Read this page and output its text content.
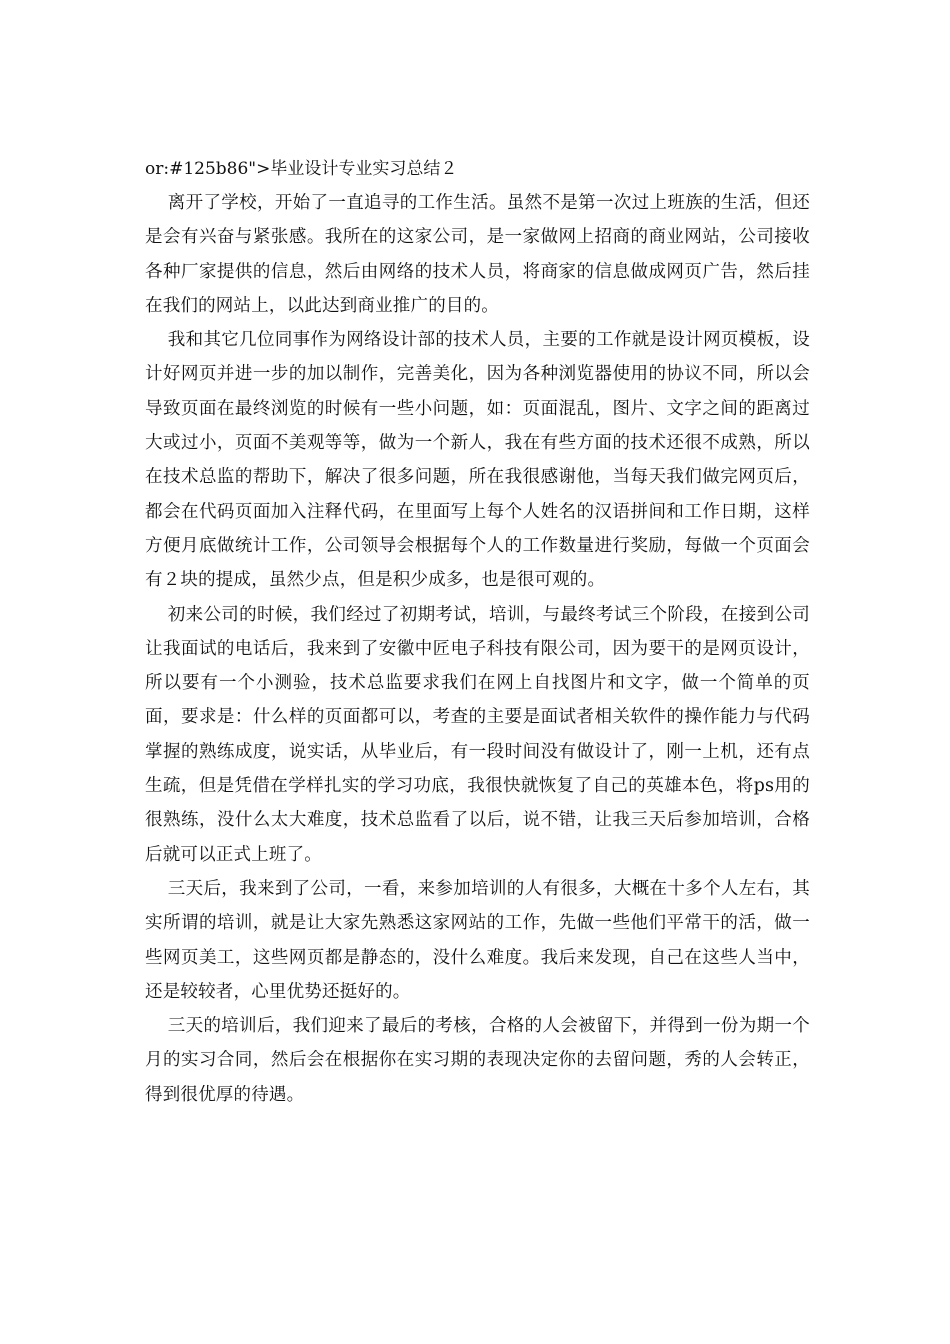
or:#125b86">毕业设计专业实习总结２

离开了学校，开始了一直追寻的工作生活。虽然不是第一次过上班族的生活，但还是会有兴奋与紧张感。我所在的这家公司，是一家做网上招商的商业网站，公司接收各种厂家提供的信息，然后由网络的技术人员，将商家的信息做成网页广告，然后挂在我们的网站上，以此达到商业推广的目的。

我和其它几位同事作为网络设计部的技术人员，主要的工作就是设计网页模板，设计好网页并进一步的加以制作，完善美化，因为各种浏览器使用的协议不同，所以会导致页面在最终浏览的时候有一些小问题，如：页面混乱，图片、文字之间的距离过大或过小，页面不美观等等，做为一个新人，我在有些方面的技术还很不成熟，所以在技术总监的帮助下，解决了很多问题，所在我很感谢他，当每天我们做完网页后，都会在代码页面加入注释代码，在里面写上每个人姓名的汉语拼间和工作日期，这样方便月底做统计工作，公司领导会根据每个人的工作数量进行奖励，每做一个页面会有２块的提成，虽然少点，但是积少成多，也是很可观的。

初来公司的时候，我们经过了初期考试，培训，与最终考试三个阶段，在接到公司让我面试的电话后，我来到了安徽中匠电子科技有限公司，因为要干的是网页设计，所以要有一个小测验，技术总监要求我们在网上自找图片和文字，做一个简单的页面，要求是：什么样的页面都可以，考查的主要是面试者相关软件的操作能力与代码掌握的熟练成度，说实话，从毕业后，有一段时间没有做设计了，刚一上机，还有点生疏，但是凭借在学样扎实的学习功底，我很快就恢复了自己的英雄本色，将ps用的很熟练，没什么太大难度，技术总监看了以后，说不错，让我三天后参加培训，合格后就可以正式上班了。

三天后，我来到了公司，一看，来参加培训的人有很多，大概在十多个人左右，其实所谓的培训，就是让大家先熟悉这家网站的工作，先做一些他们平常干的活，做一些网页美工，这些网页都是静态的，没什么难度。我后来发现，自己在这些人当中，还是较较者，心里优势还挺好的。

三天的培训后，我们迎来了最后的考核，合格的人会被留下，并得到一份为期一个月的实习合同，然后会在根据你在实习期的表现决定你的去留问题，秀的人会转正，得到很优厚的待遇。
